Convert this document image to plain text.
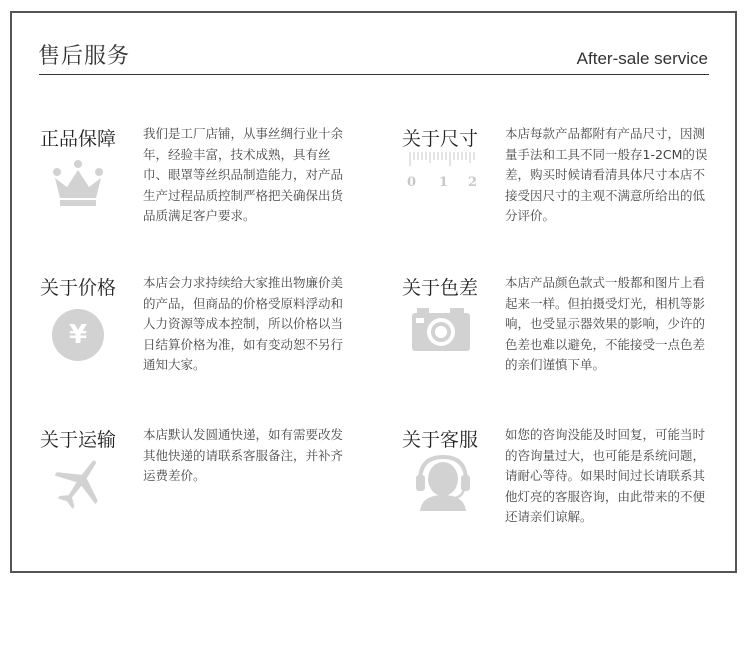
售后服务	After-sale service
正品保障 我们是工厂店铺，从事丝绸行业十余年，经验丰富，技术成熟，具有丝巾、眼罩等丝织品制造能力，对产品生产过程品质控制严格把关确保出货品质满足客户要求。
关于尺寸
0 1 2
本店每款产品都附有产品尺寸，因测量手法和工具不同一般存1-2CM的误差，购买时候请看清具体尺寸本店不接受因尺寸的主观不满意所给出的低分评价。
关于价格
¥
本店会力求持续给大家推出物廉价美的产品，但商品的价格受原料浮动和人力资源等成本控制，所以价格以当日结算价格为准，如有变动恕不另行通知大家。
关于色差 本店产品颜色款式一般都和图片上看起来一样。但拍摄受灯光，相机等影响，也受显示器效果的影响，少许的色差也难以避免，不能接受一点色差的亲们谨慎下单。
关于运输 本店默认发圆通快递，如有需要改发其他快递的请联系客服备注，并补齐运费差价。
关于客服 如您的咨询没能及时回复，可能当时的咨询量过大，也可能是系统问题，请耐心等待。如果时间过长请联系其他灯亮的客服咨询，由此带来的不便还请亲们谅解。
